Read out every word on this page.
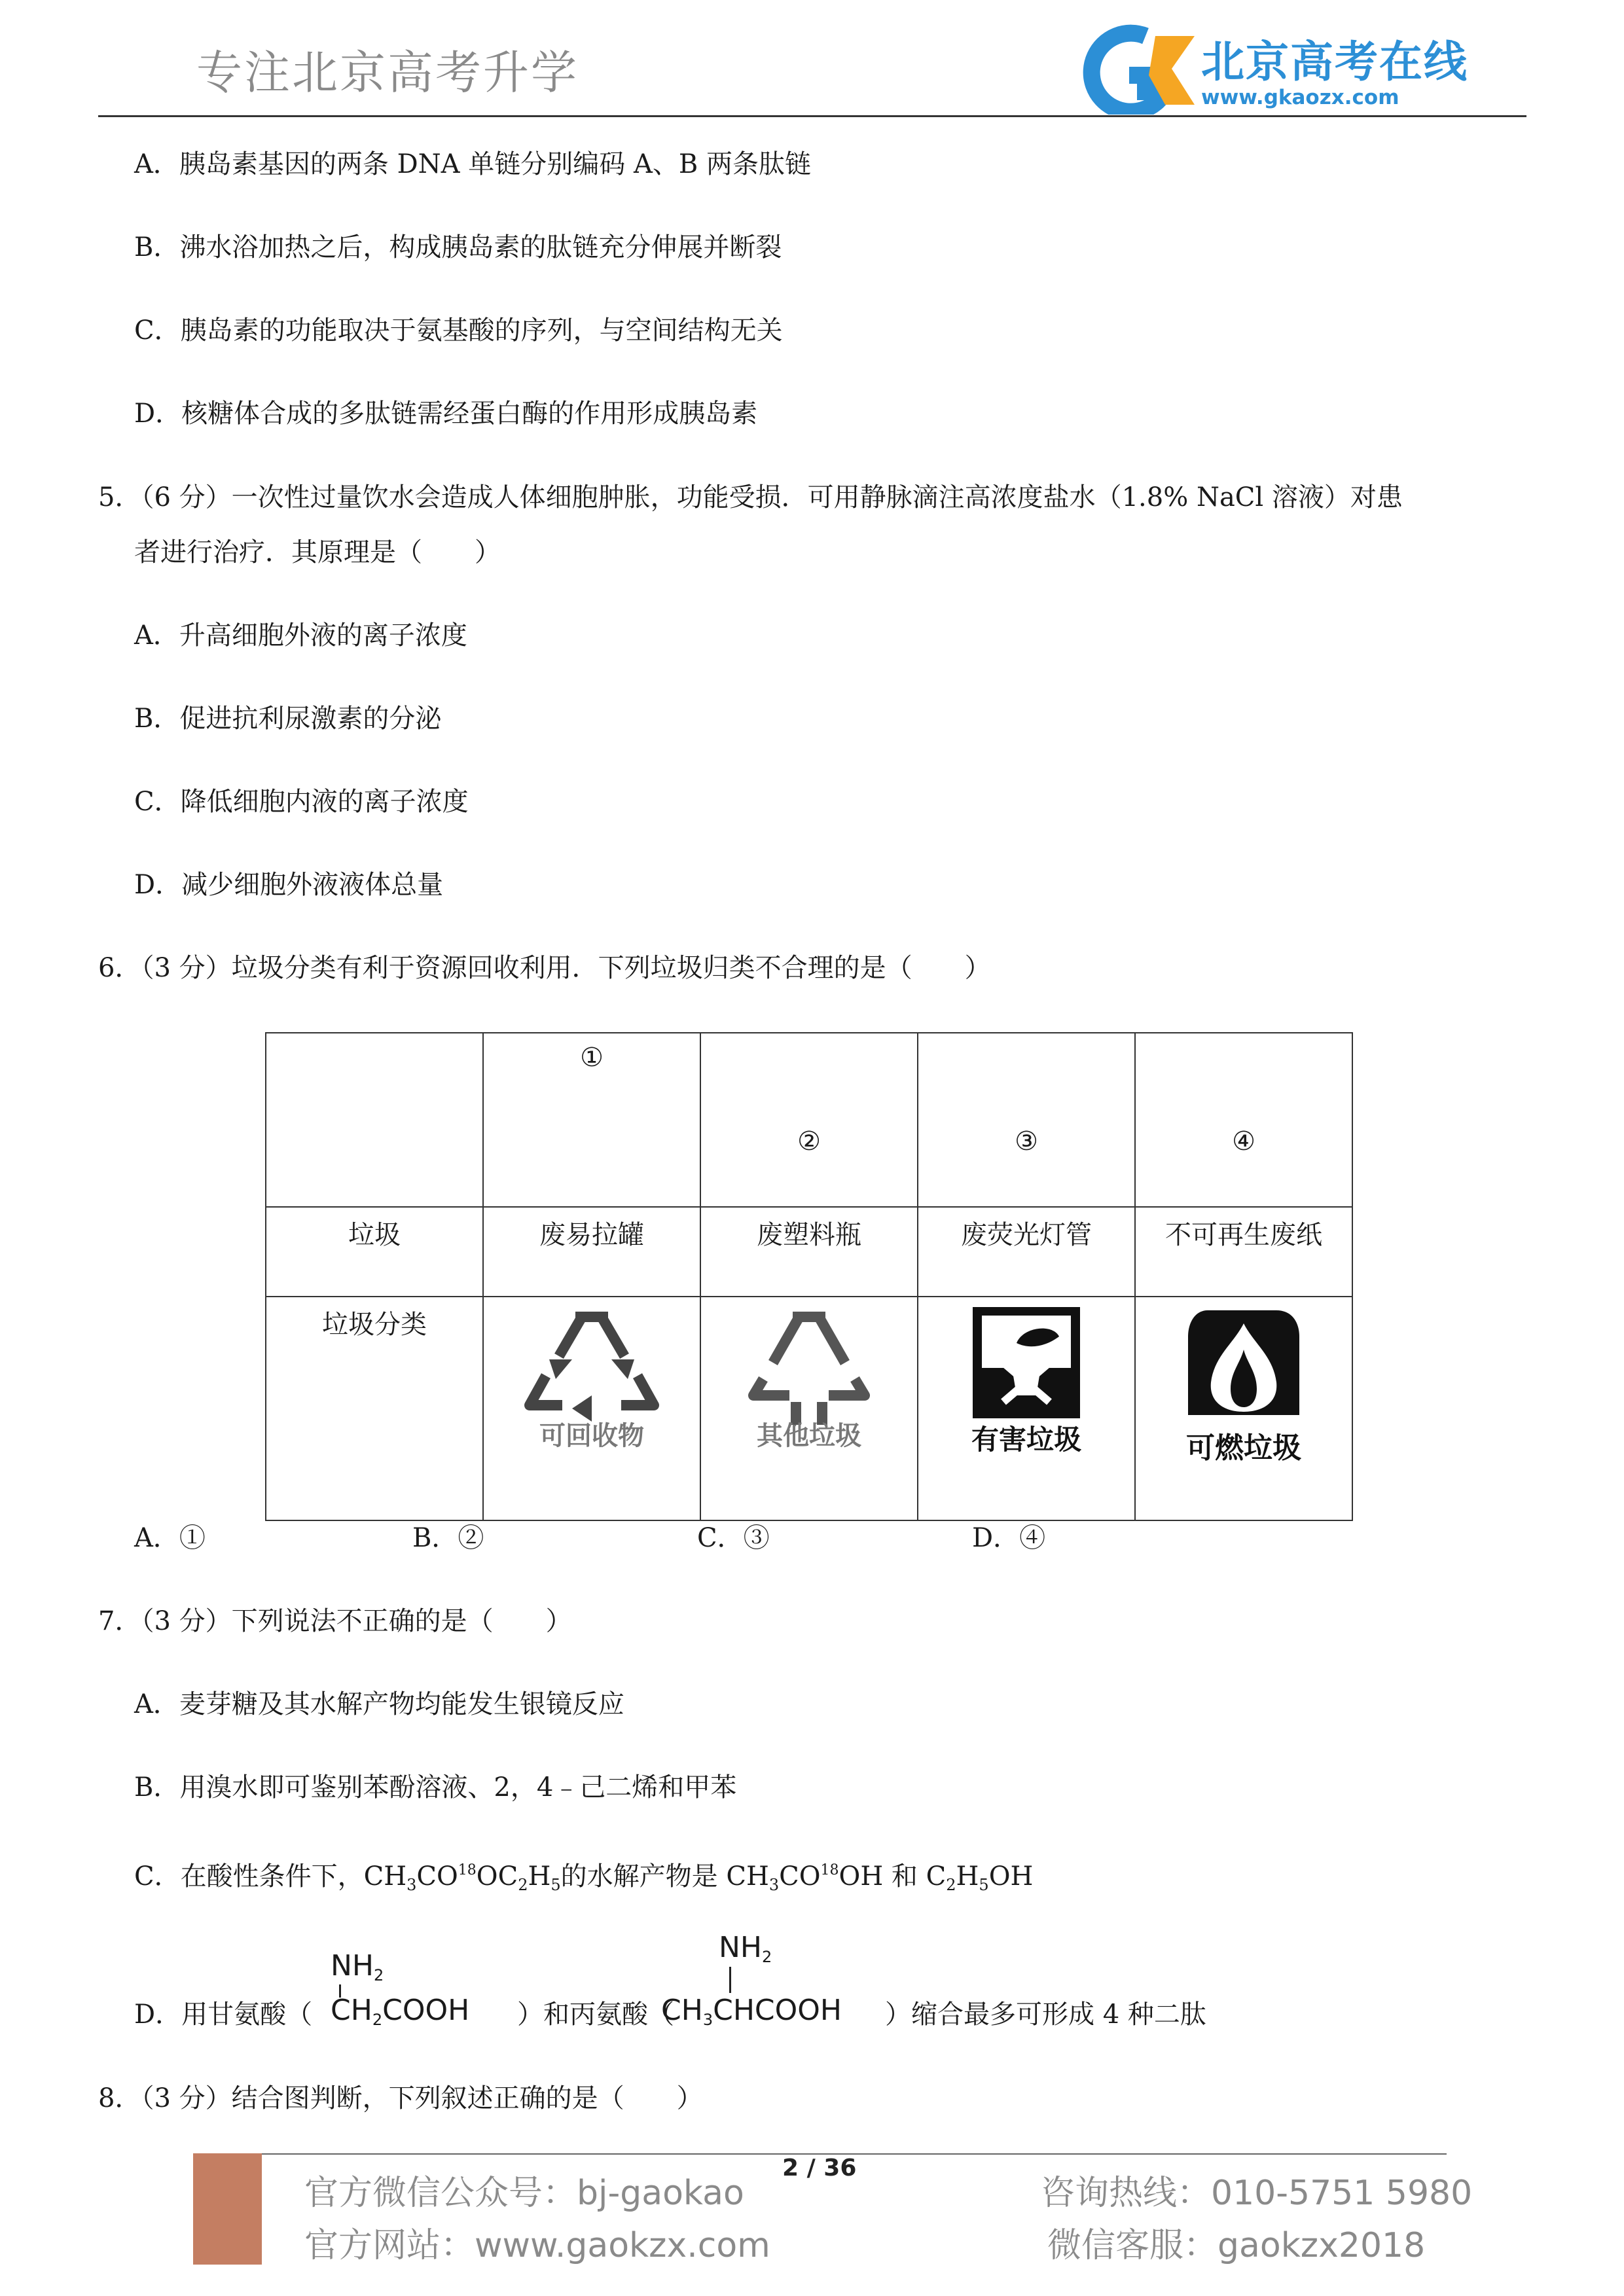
专注北京高考升学	北京高考在线
www.gkaozx.com
A．胰岛素基因的两条 DNA 单链分别编码 A、B 两条肽链
B．沸水浴加热之后，构成胰岛素的肽链充分伸展并断裂
C．胰岛素的功能取决于氨基酸的序列，与空间结构无关
D．核糖体合成的多肽链需经蛋白酶的作用形成胰岛素
5．（6 分）一次性过量饮水会造成人体细胞肿胀，功能受损．可用静脉滴注高浓度盐水（1.8% NaCl 溶液）对患
者进行治疗．其原理是（　　）
A．升高细胞外液的离子浓度
B．促进抗利尿激素的分泌
C．降低细胞内液的离子浓度
D．减少细胞外液液体总量
6．（3 分）垃圾分类有利于资源回收利用．下列垃圾归类不合理的是（　　）

	①	②	③	④

垃圾	废易拉罐	废塑料瓶	废荧光灯管	不可再生废纸

垃圾分类	可回收物	其他垃圾	有害垃圾	可燃垃圾
A．①	B．②	C．③	D．④
7．（3 分）下列说法不正确的是（　　）
A．麦芽糖及其水解产物均能发生银镜反应
B．用溴水即可鉴别苯酚溶液、2，4﹣己二烯和甲苯
C．在酸性条件下，$CH_3CO^{18}OC_2H_5$的水解产物是 $CH_3CO^{18}OH$ 和 $C_2H_5OH$
D．用甘氨酸（
$NH_2$
$CH_2COOH$ ）和丙氨酸（
$NH_2$
$CH_3CHCOOH$ ）缩合最多可形成 4 种二肽
8．（3 分）结合图判断，下列叙述正确的是（　　）
2 / 36
官方微信公众号：bj-gaokao
官方网站：www.gaokzx.com
咨询热线：010-5751 5980
微信客服：gaokzx2018
